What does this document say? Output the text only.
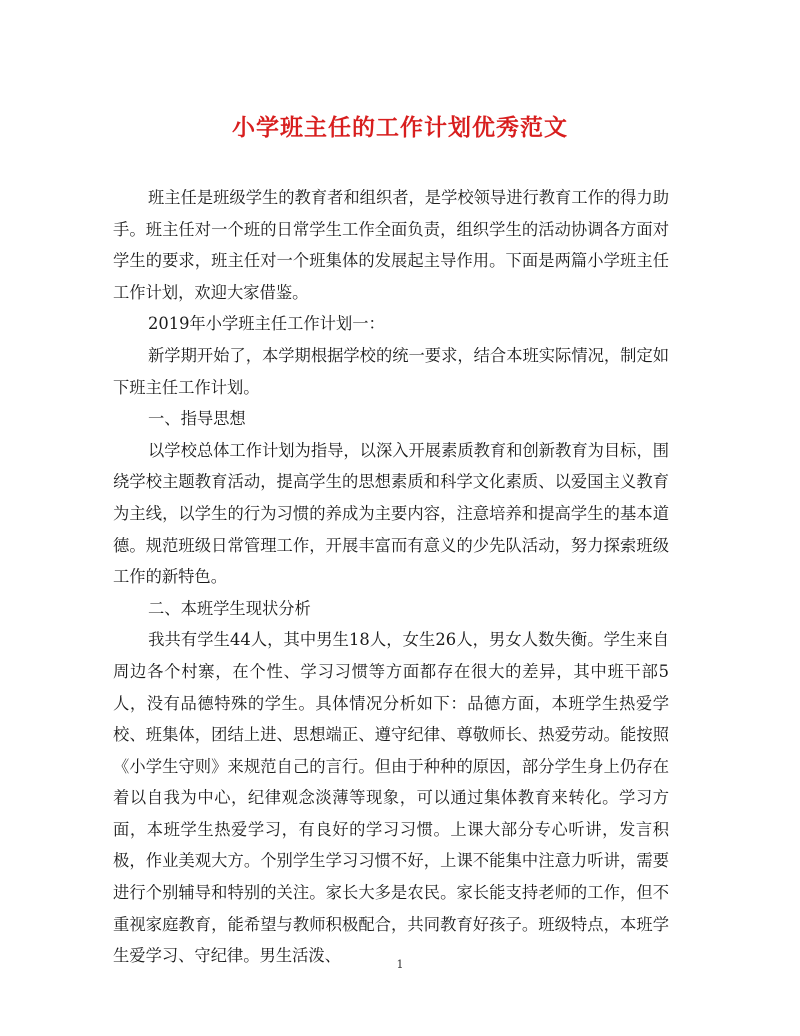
小学班主任的工作计划优秀范文

班主任是班级学生的教育者和组织者，是学校领导进行教育工作的得力助手。班主任对一个班的日常学生工作全面负责，组织学生的活动协调各方面对学生的要求，班主任对一个班集体的发展起主导作用。下面是两篇小学班主任工作计划，欢迎大家借鉴。

2019年小学班主任工作计划一：

新学期开始了，本学期根据学校的统一要求，结合本班实际情况，制定如下班主任工作计划。

一、指导思想

以学校总体工作计划为指导，以深入开展素质教育和创新教育为目标，围绕学校主题教育活动，提高学生的思想素质和科学文化素质、以爱国主义教育为主线，以学生的行为习惯的养成为主要内容，注意培养和提高学生的基本道德。规范班级日常管理工作，开展丰富而有意义的少先队活动，努力探索班级工作的新特色。

二、本班学生现状分析

我共有学生44人，其中男生18人，女生26人，男女人数失衡。学生来自周边各个村寨，在个性、学习习惯等方面都存在很大的差异，其中班干部5人，没有品德特殊的学生。具体情况分析如下：品德方面，本班学生热爱学校、班集体，团结上进、思想端正、遵守纪律、尊敬师长、热爱劳动。能按照《小学生守则》来规范自己的言行。但由于种种的原因，部分学生身上仍存在着以自我为中心，纪律观念淡薄等现象，可以通过集体教育来转化。学习方面，本班学生热爱学习，有良好的学习习惯。上课大部分专心听讲，发言积极，作业美观大方。个别学生学习习惯不好，上课不能集中注意力听讲，需要进行个别辅导和特别的关注。家长大多是农民。家长能支持老师的工作，但不重视家庭教育，能希望与教师积极配合，共同教育好孩子。班级特点，本班学生爱学习、守纪律。男生活泼、	1
